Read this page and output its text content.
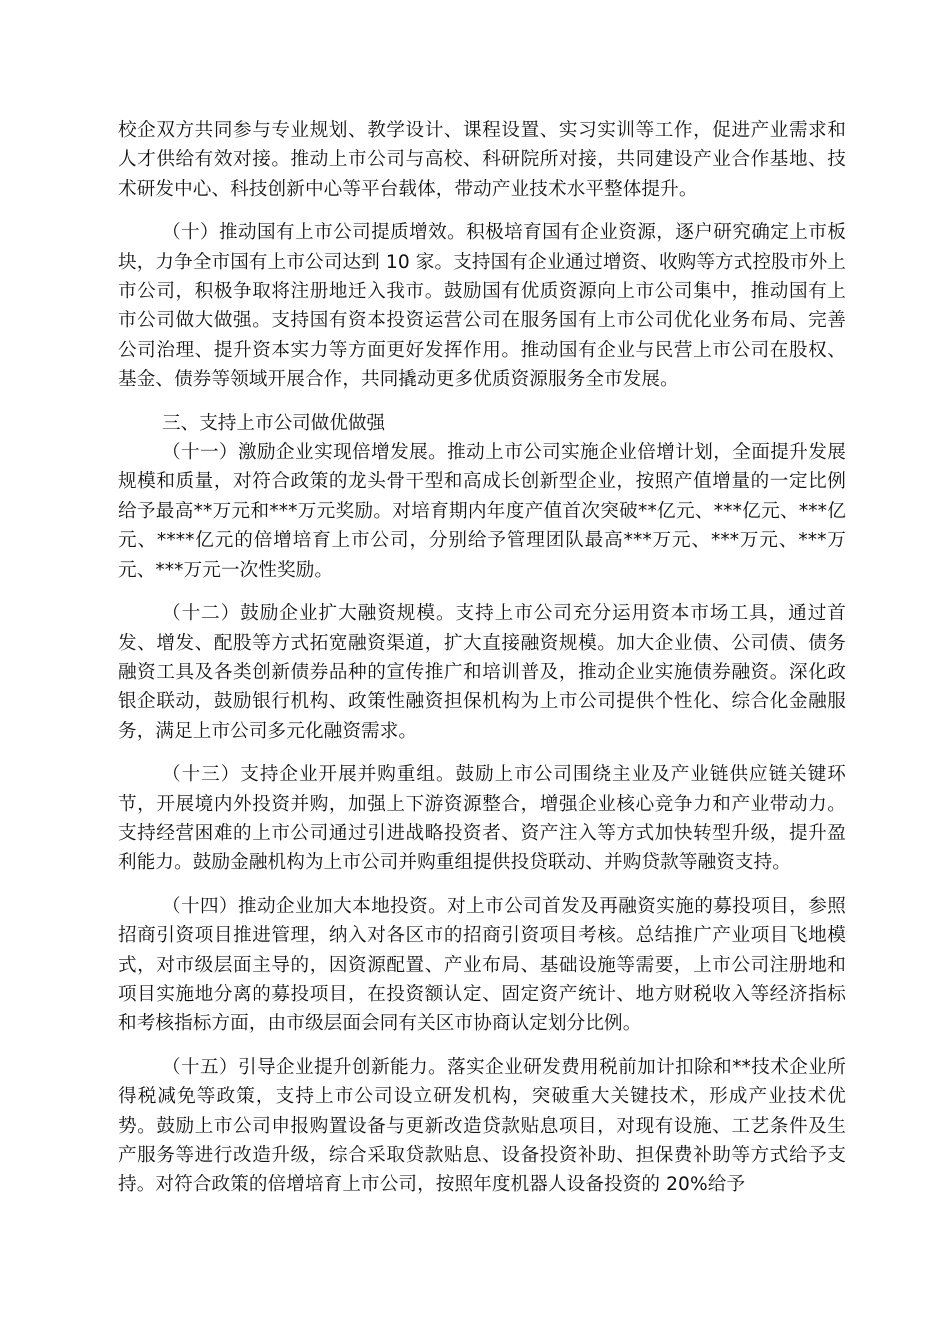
校企双方共同参与专业规划、教学设计、课程设置、实习实训等工作，促进产业需求和人才供给有效对接。推动上市公司与高校、科研院所对接，共同建设产业合作基地、技术研发中心、科技创新中心等平台载体，带动产业技术水平整体提升。

（十）推动国有上市公司提质增效。积极培育国有企业资源，逐户研究确定上市板块，力争全市国有上市公司达到 10 家。支持国有企业通过增资、收购等方式控股市外上市公司，积极争取将注册地迁入我市。鼓励国有优质资源向上市公司集中，推动国有上市公司做大做强。支持国有资本投资运营公司在服务国有上市公司优化业务布局、完善公司治理、提升资本实力等方面更好发挥作用。推动国有企业与民营上市公司在股权、基金、债券等领域开展合作，共同撬动更多优质资源服务全市发展。

三、支持上市公司做优做强

（十一）激励企业实现倍增发展。推动上市公司实施企业倍增计划，全面提升发展规模和质量，对符合政策的龙头骨干型和高成长创新型企业，按照产值增量的一定比例给予最高**万元和***万元奖励。对培育期内年度产值首次突破**亿元、***亿元、***亿元、****亿元的倍增培育上市公司，分别给予管理团队最高***万元、***万元、***万元、***万元一次性奖励。

（十二）鼓励企业扩大融资规模。支持上市公司充分运用资本市场工具，通过首发、增发、配股等方式拓宽融资渠道，扩大直接融资规模。加大企业债、公司债、债务融资工具及各类创新债券品种的宣传推广和培训普及，推动企业实施债券融资。深化政银企联动，鼓励银行机构、政策性融资担保机构为上市公司提供个性化、综合化金融服务，满足上市公司多元化融资需求。

（十三）支持企业开展并购重组。鼓励上市公司围绕主业及产业链供应链关键环节，开展境内外投资并购，加强上下游资源整合，增强企业核心竞争力和产业带动力。支持经营困难的上市公司通过引进战略投资者、资产注入等方式加快转型升级，提升盈利能力。鼓励金融机构为上市公司并购重组提供投贷联动、并购贷款等融资支持。

（十四）推动企业加大本地投资。对上市公司首发及再融资实施的募投项目，参照招商引资项目推进管理，纳入对各区市的招商引资项目考核。总结推广产业项目飞地模式，对市级层面主导的，因资源配置、产业布局、基础设施等需要，上市公司注册地和项目实施地分离的募投项目，在投资额认定、固定资产统计、地方财税收入等经济指标和考核指标方面，由市级层面会同有关区市协商认定划分比例。

（十五）引导企业提升创新能力。落实企业研发费用税前加计扣除和**技术企业所得税减免等政策，支持上市公司设立研发机构，突破重大关键技术，形成产业技术优势。鼓励上市公司申报购置设备与更新改造贷款贴息项目，对现有设施、工艺条件及生产服务等进行改造升级，综合采取贷款贴息、设备投资补助、担保费补助等方式给予支持。对符合政策的倍增培育上市公司，按照年度机器人设备投资的 20%给予
